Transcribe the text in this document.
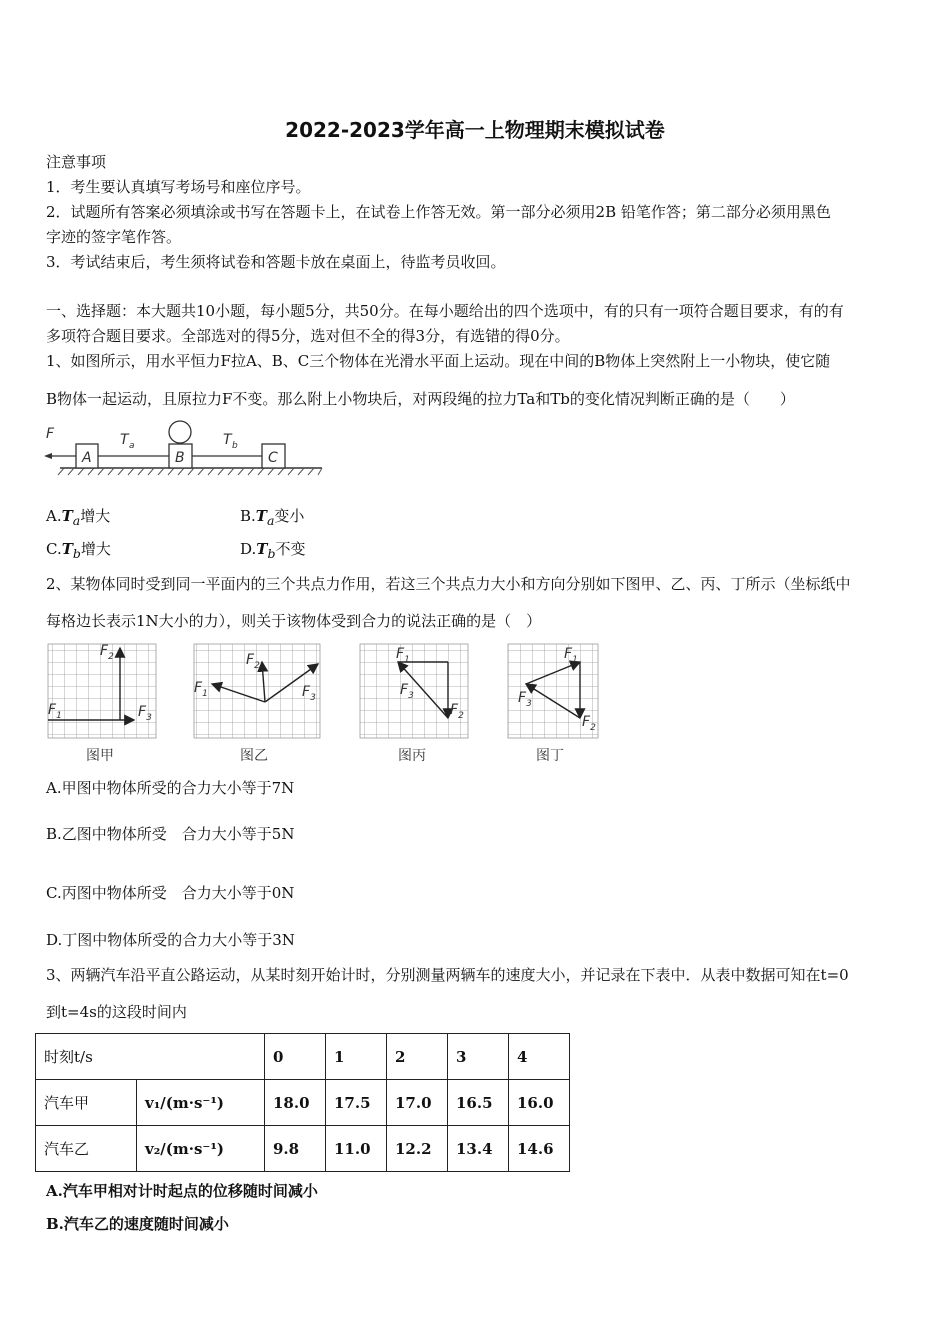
2022-2023学年高一上物理期末模拟试卷
注意事项
1．考生要认真填写考场号和座位序号。
2．试题所有答案必须填涂或书写在答题卡上，在试卷上作答无效。第一部分必须用2B 铅笔作答；第二部分必须用黑色
字迹的签字笔作答。
3．考试结束后，考生须将试卷和答题卡放在桌面上，待监考员收回。
一、选择题：本大题共10小题，每小题5分，共50分。在每小题给出的四个选项中，有的只有一项符合题目要求，有的有
多项符合题目要求。全部选对的得5分，选对但不全的得3分，有选错的得0分。
1、如图所示，用水平恒力F拉A、B、C三个物体在光滑水平面上运动。现在中间的B物体上突然附上一小物块，使它随
B物体一起运动，且原拉力F不变。那么附上小物块后，对两段绳的拉力Ta和Tb的变化情况判断正确的是（　　）
F
A
T a
B
T b
C
$A.T_a$增大	$B.T_a$变小
$C.T_b$增大	$D.T_b$不变
2、某物体同时受到同一平面内的三个共点力作用，若这三个共点力大小和方向分别如下图甲、乙、丙、丁所示（坐标纸中
每格边长表示1N大小的力），则关于该物体受到合力的说法正确的是（　）
$F_2$
$F_1$	$F_3$
图甲
$F_2$
$F_1$	$F_3$
图乙
$F_1$
$F_3$
$F_2$
图丙
$F_1$
$F_3$
$F_2$
图丁
A.甲图中物体所受的合力大小等于7N
B.乙图中物体所受　合力大小等于5N
C.丙图中物体所受　合力大小等于0N
D.丁图中物体所受的合力大小等于3N
3、两辆汽车沿平直公路运动，从某时刻开始计时，分别测量两辆车的速度大小，并记录在下表中．从表中数据可知在t=0
到t=4s的这段时间内
时刻t/s		0	1	2	3	4
汽车甲	v₁/(m·s⁻¹)	18.0	17.5	17.0	16.5	16.0
汽车乙	v₂/(m·s⁻¹)	9.8	11.0	12.2	13.4	14.6
A.汽车甲相对计时起点的位移随时间减小
B.汽车乙的速度随时间减小
